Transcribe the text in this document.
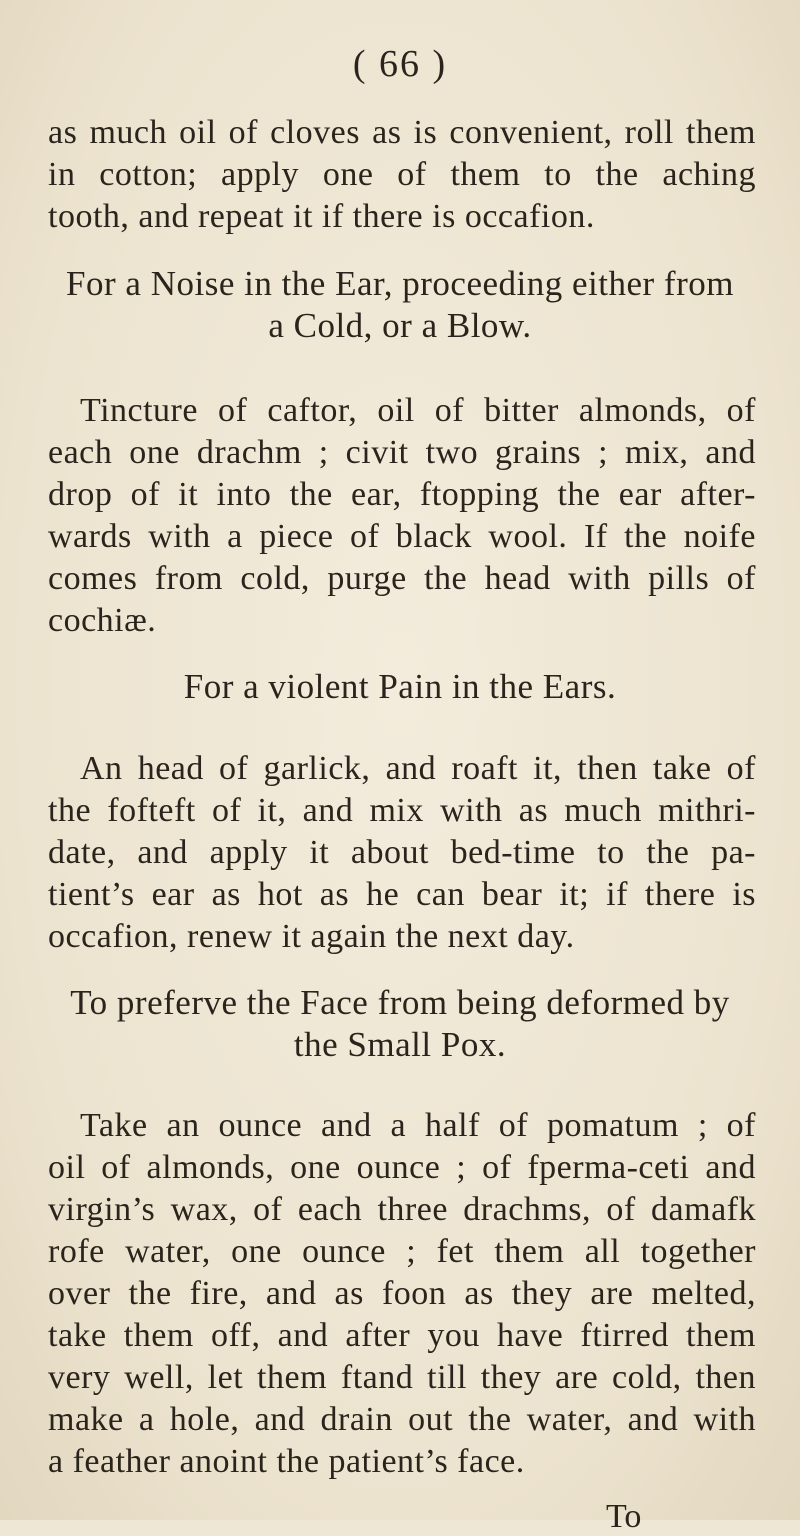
( 66 )
as much oil of cloves as is convenient, roll them
in cotton; apply one of them to the aching
tooth, and repeat it if there is occafion.
For a Noise in the Ear, proceeding either from
a Cold, or a Blow.
Tincture of caftor, oil of bitter almonds, of
each one drachm ; civit two grains ; mix, and
drop of it into the ear, ftopping the ear after-
wards with a piece of black wool. If the noife
comes from cold, purge the head with pills of
cochiæ.
For a violent Pain in the Ears.
An head of garlick, and roaft it, then take of
the fofteft of it, and mix with as much mithri-
date, and apply it about bed-time to the pa-
tient’s ear as hot as he can bear it; if there is
occafion, renew it again the next day.
To preferve the Face from being deformed by
the Small Pox.
Take an ounce and a half of pomatum ; of
oil of almonds, one ounce ; of fperma-ceti and
virgin’s wax, of each three drachms, of damafk
rofe water, one ounce ; fet them all together
over the fire, and as foon as they are melted,
take them off, and after you have ftirred them
very well, let them ftand till they are cold, then
make a hole, and drain out the water, and with
a feather anoint the patient’s face.
To
